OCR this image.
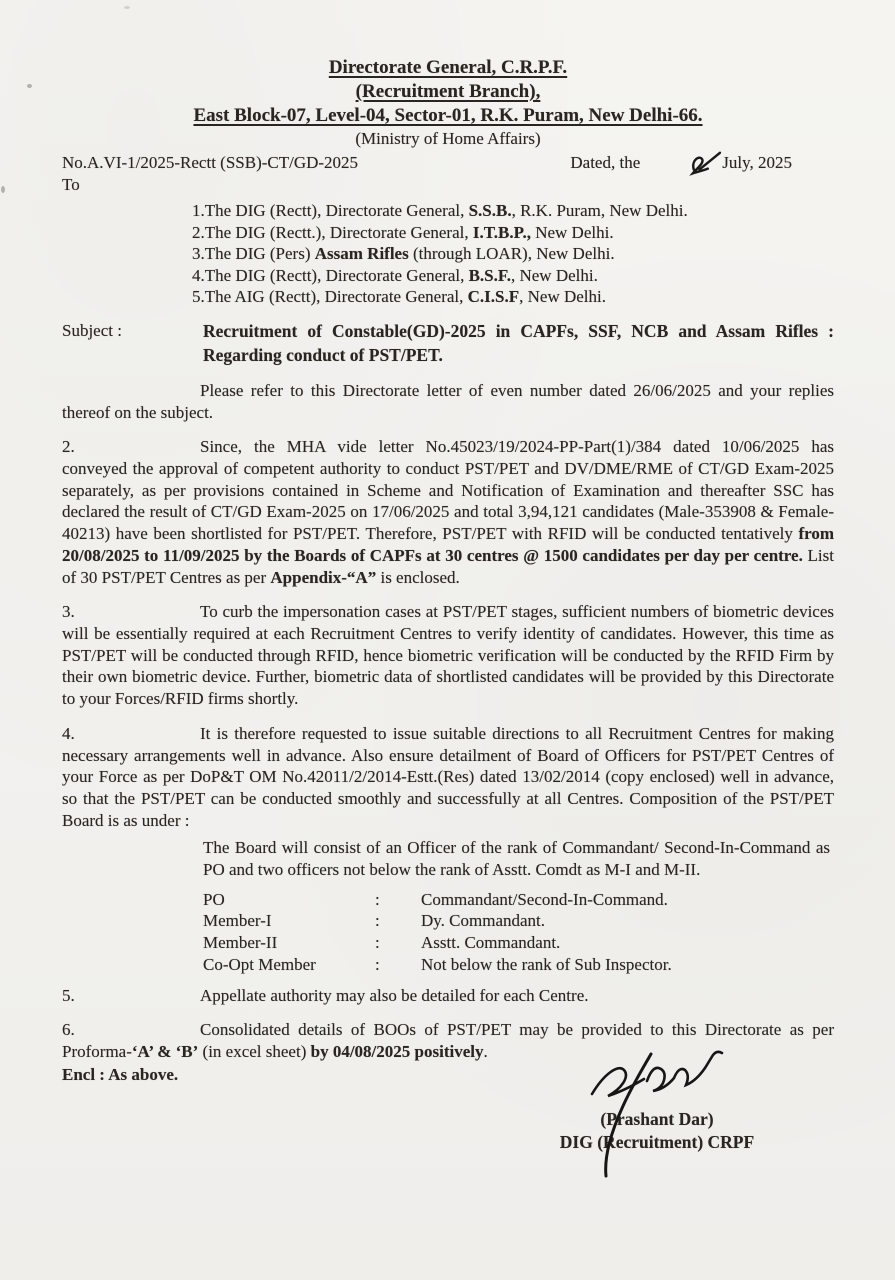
Directorate General, C.R.P.F.
(Recruitment Branch),
East Block-07, Level-04, Sector-01, R.K. Puram, New Delhi-66.
(Ministry of Home Affairs)
No.A.VI-1/2025-Rectt (SSB)-CT/GD-2025	Dated, the	July, 2025
To
1.The DIG (Rectt), Directorate General, S.S.B., R.K. Puram, New Delhi.
2.The DIG (Rectt.), Directorate General, I.T.B.P., New Delhi.
3.The DIG (Pers) Assam Rifles (through LOAR), New Delhi.
4.The DIG (Rectt), Directorate General, B.S.F., New Delhi.
5.The AIG (Rectt), Directorate General, C.I.S.F, New Delhi.
Subject :	Recruitment of Constable(GD)-2025 in CAPFs, SSF, NCB and Assam Rifles : Regarding conduct of PST/PET.
Please refer to this Directorate letter of even number dated 26/06/2025 and your replies thereof on the subject.
2.	Since, the MHA vide letter No.45023/19/2024-PP-Part(1)/384 dated 10/06/2025 has conveyed the approval of competent authority to conduct PST/PET and DV/DME/RME of CT/GD Exam-2025 separately, as per provisions contained in Scheme and Notification of Examination and thereafter SSC has declared the result of CT/GD Exam-2025 on 17/06/2025 and total 3,94,121 candidates (Male-353908 & Female-40213) have been shortlisted for PST/PET. Therefore, PST/PET with RFID will be conducted tentatively from 20/08/2025 to 11/09/2025 by the Boards of CAPFs at 30 centres @ 1500 candidates per day per centre. List of 30 PST/PET Centres as per Appendix-“A” is enclosed.
3.	To curb the impersonation cases at PST/PET stages, sufficient numbers of biometric devices will be essentially required at each Recruitment Centres to verify identity of candidates. However, this time as PST/PET will be conducted through RFID, hence biometric verification will be conducted by the RFID Firm by their own biometric device. Further, biometric data of shortlisted candidates will be provided by this Directorate to your Forces/RFID firms shortly.
4.	It is therefore requested to issue suitable directions to all Recruitment Centres for making necessary arrangements well in advance. Also ensure detailment of Board of Officers for PST/PET Centres of your Force as per DoP&T OM No.42011/2/2014-Estt.(Res) dated 13/02/2014 (copy enclosed) well in advance, so that the PST/PET can be conducted smoothly and successfully at all Centres. Composition of the PST/PET Board is as under :
The Board will consist of an Officer of the rank of Commandant/ Second-In-Command as PO and two officers not below the rank of Asstt. Comdt as M-I and M-II.
PO	:	Commandant/Second-In-Command.
Member-I	:	Dy. Commandant.
Member-II	:	Asstt. Commandant.
Co-Opt Member	:	Not below the rank of Sub Inspector.
5.	Appellate authority may also be detailed for each Centre.
6.	Consolidated details of BOOs of PST/PET may be provided to this Directorate as per Proforma-‘A’ & ‘B’ (in excel sheet) by 04/08/2025 positively.
Encl : As above.
(Prashant Dar)
DIG (Recruitment) CRPF
